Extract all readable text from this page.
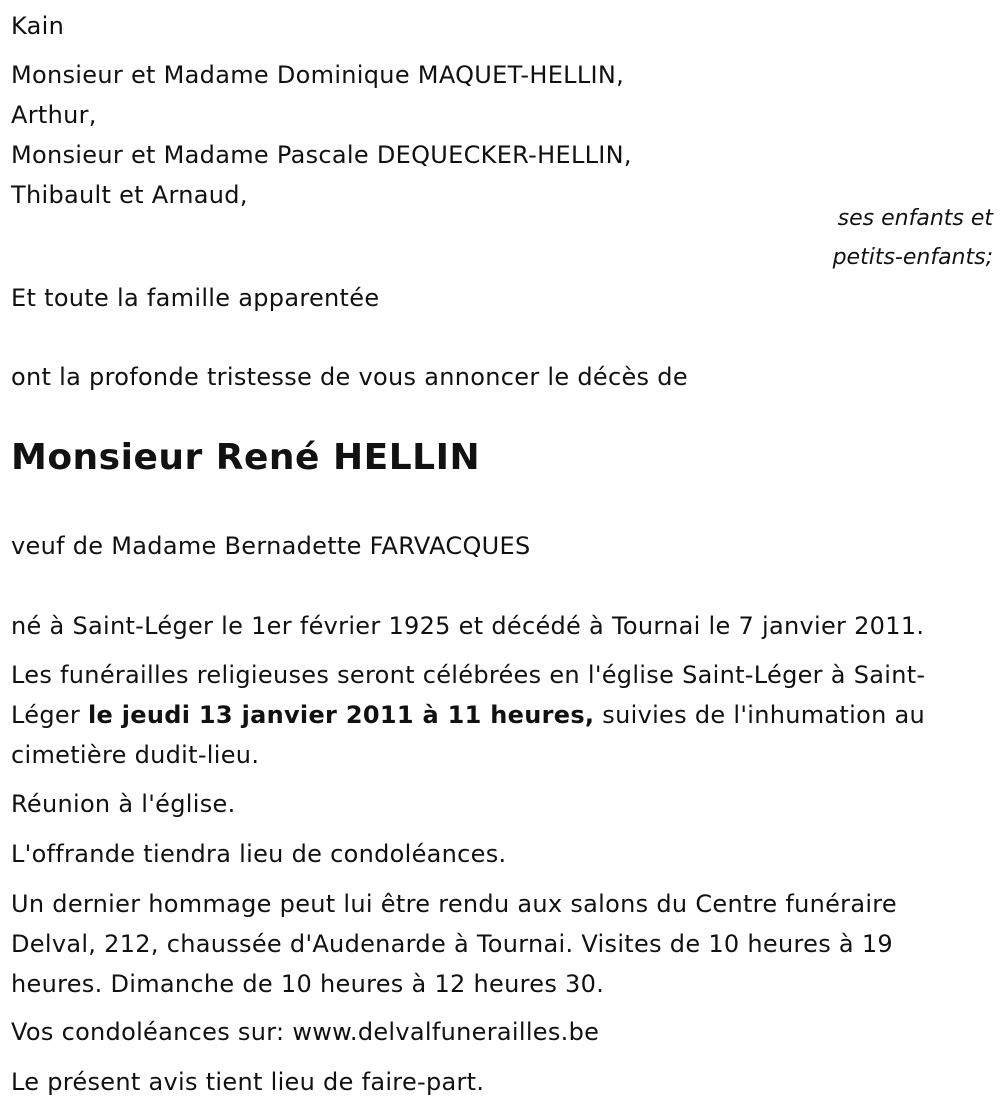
Kain
Monsieur et Madame Dominique MAQUET-HELLIN,
Arthur,
Monsieur et Madame Pascale DEQUECKER-HELLIN,
Thibault et Arnaud,
ses enfants et
petits-enfants;
Et toute la famille apparentée
ont la profonde tristesse de vous annoncer le décès de
Monsieur René HELLIN
veuf de Madame Bernadette FARVACQUES
né à Saint-Léger le 1er février 1925 et décédé à Tournai le 7 janvier 2011.
Les funérailles religieuses seront célébrées en l'église Saint-Léger à Saint-Léger le jeudi 13 janvier 2011 à 11 heures, suivies de l'inhumation au cimetière dudit-lieu.
Réunion à l'église.
L'offrande tiendra lieu de condoléances.
Un dernier hommage peut lui être rendu aux salons du Centre funéraire Delval, 212, chaussée d'Audenarde à Tournai. Visites de 10 heures à 19 heures. Dimanche de 10 heures à 12 heures 30.
Vos condoléances sur: www.delvalfunerailles.be
Le présent avis tient lieu de faire-part.
